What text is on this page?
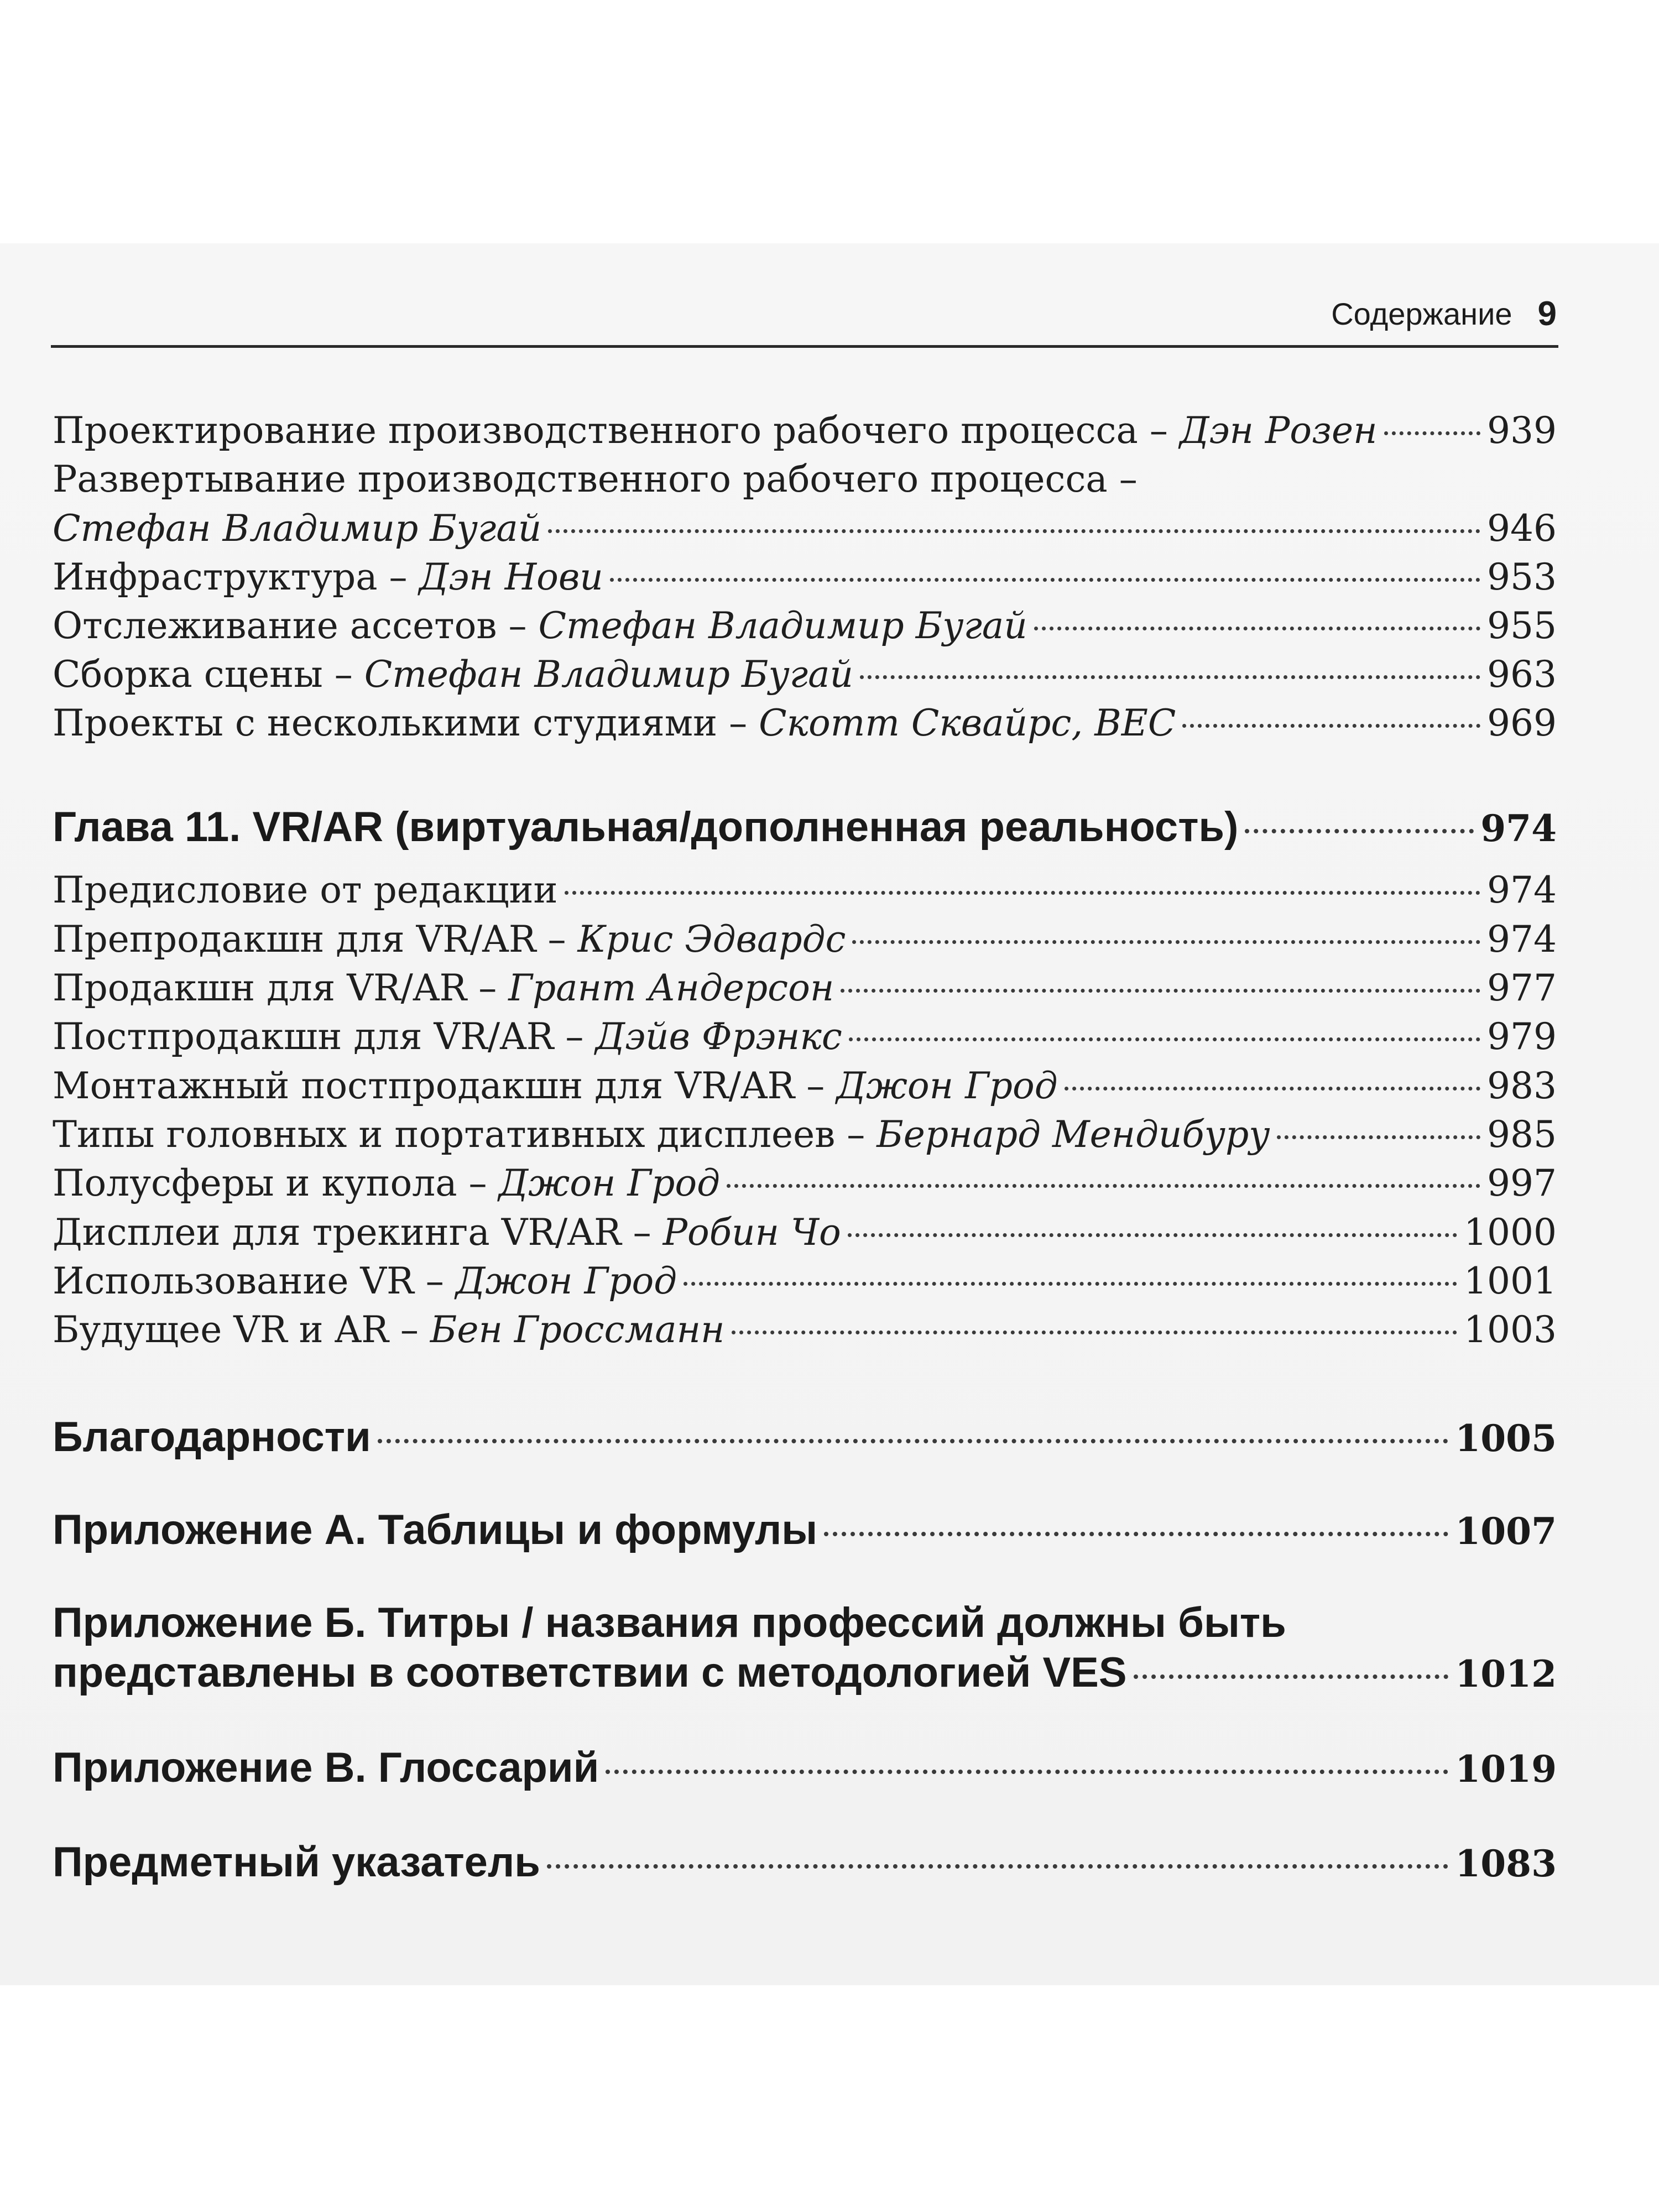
Содержание 9
Проектирование производственного рабочего процесса – Дэн Розен	939
Развертывание производственного рабочего процесса –
Стефан Владимир Бугай	946
Инфраструктура – Дэн Нови	953
Отслеживание ассетов – Стефан Владимир Бугай	955
Сборка сцены – Стефан Владимир Бугай	963
Проекты с несколькими студиями – Скотт Сквайрс, BEC	969
Глава 11. VR/AR (виртуальная/дополненная реальность)	974
Предисловие от редакции	974
Препродакшн для VR/AR – Крис Эдвардс	974
Продакшн для VR/AR – Грант Андерсон	977
Постпродакшн для VR/AR – Дэйв Фрэнкс	979
Монтажный постпродакшн для VR/AR – Джон Грод	983
Типы головных и портативных дисплеев – Бернард Мендибуру	985
Полусферы и купола – Джон Грод	997
Дисплеи для трекинга VR/AR – Робин Чо	1000
Использование VR – Джон Грод	1001
Будущее VR и AR – Бен Гроссманн	1003
Благодарности	1005
Приложение А. Таблицы и формулы	1007
Приложение Б. Титры / названия профессий должны быть
представлены в соответствии с методологией VES	1012
Приложение В. Глоссарий	1019
Предметный указатель	1083
